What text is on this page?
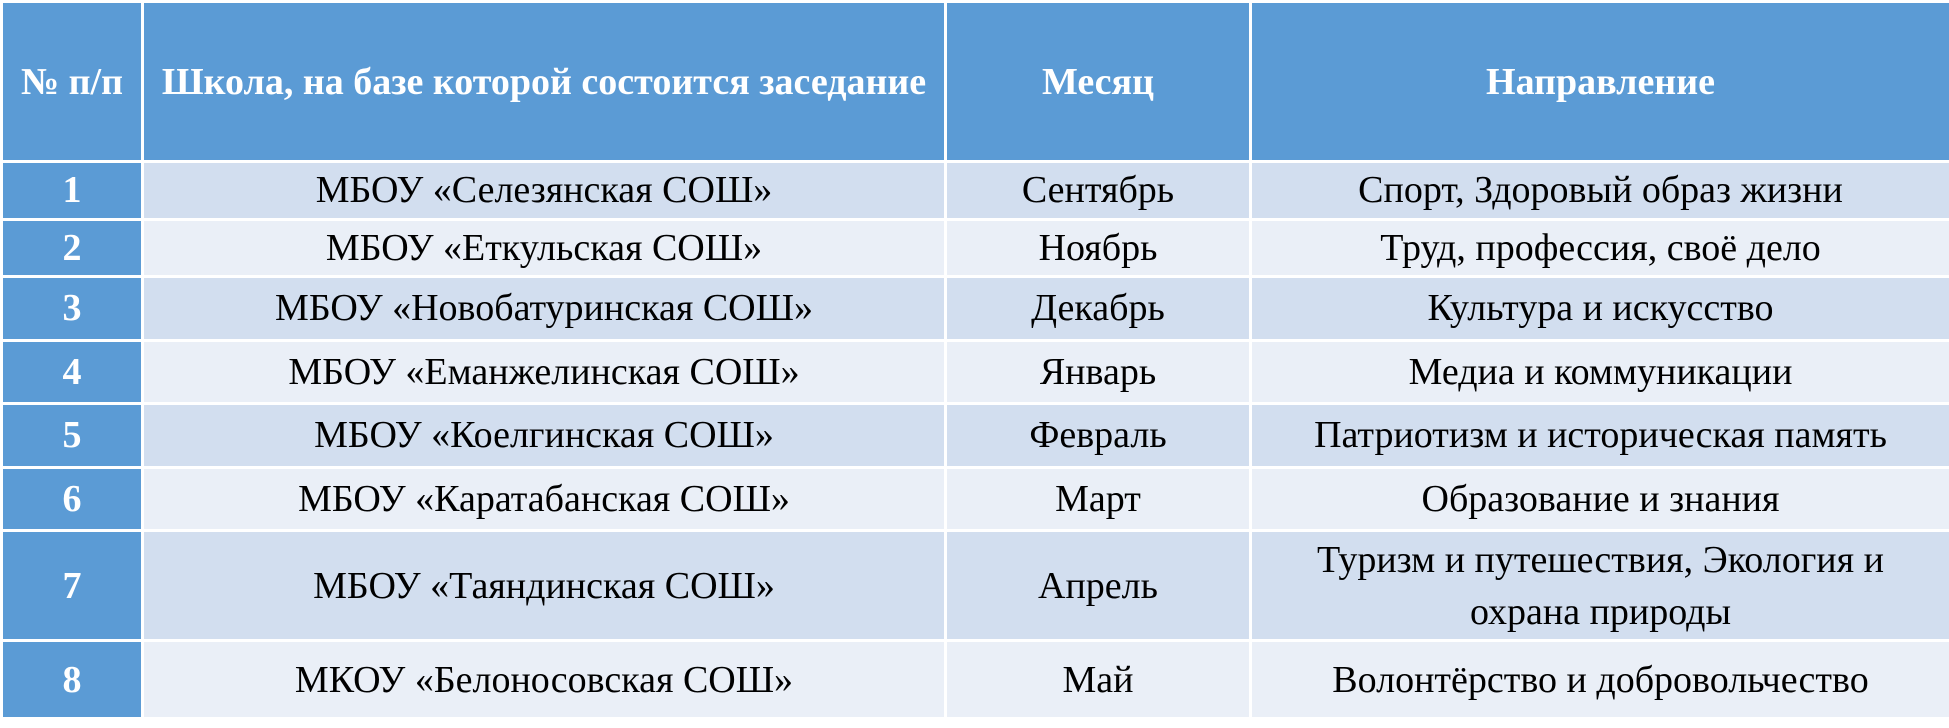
№ п/п	Школа, на базе которой состоится заседание	Месяц	Направление
1	МБОУ «Селезянская СОШ»	Сентябрь	Спорт, Здоровый образ жизни
2	МБОУ «Еткульская СОШ»	Ноябрь	Труд, профессия, своё дело
3	МБОУ «Новобатуринская СОШ»	Декабрь	Культура и искусство
4	МБОУ «Еманжелинская СОШ»	Январь	Медиа и коммуникации
5	МБОУ «Коелгинская СОШ»	Февраль	Патриотизм и историческая память
6	МБОУ «Каратабанская СОШ»	Март	Образование и знания
7	МБОУ «Таяндинская СОШ»	Апрель	Туризм и путешествия, Экология и охрана природы
8	МКОУ «Белоносовская СОШ»	Май	Волонтёрство и добровольчество
